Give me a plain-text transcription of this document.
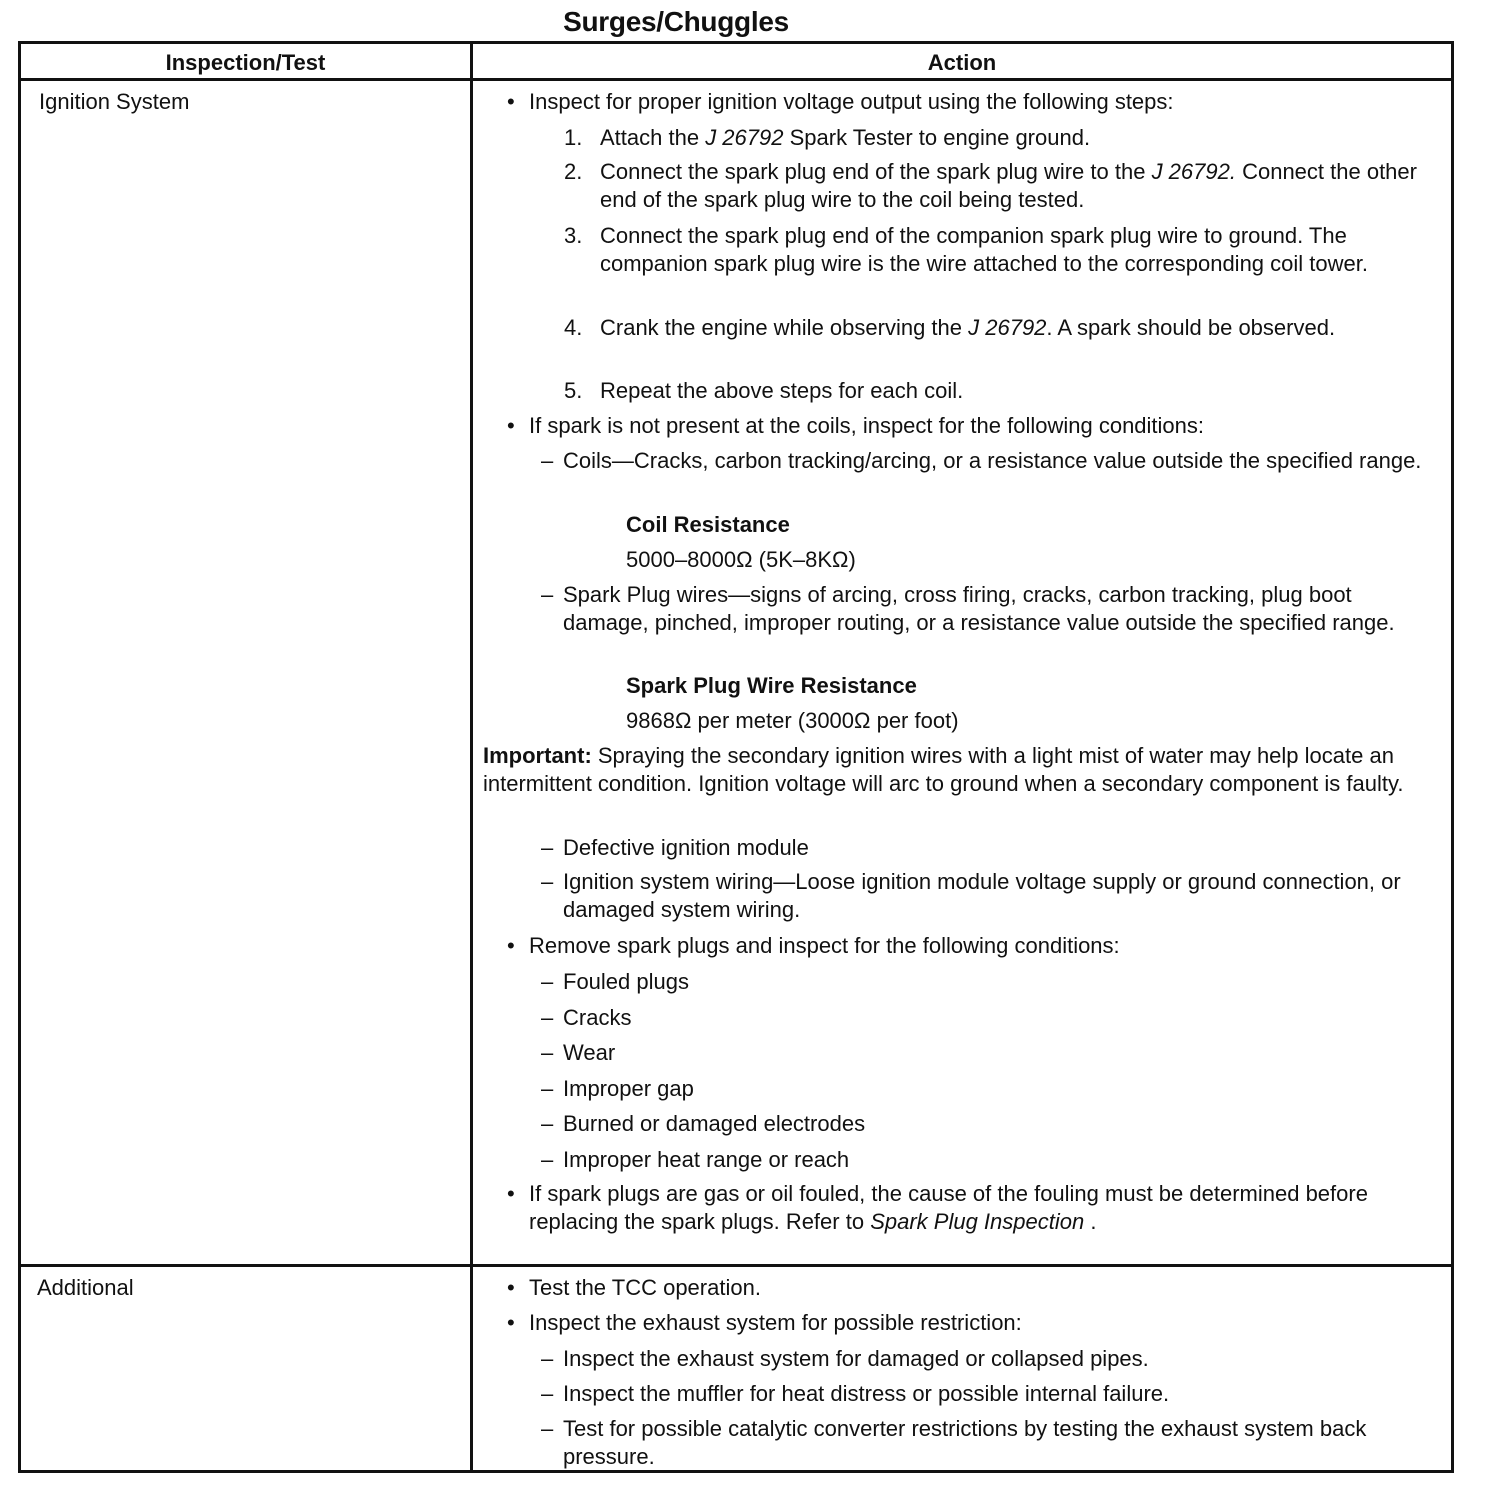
Surges/Chuggles
Inspection/Test	Action
Ignition System	• Inspect for proper ignition voltage output using the following steps:
1. Attach the J 26792 Spark Tester to engine ground.
2. Connect the spark plug end of the spark plug wire to the J 26792. Connect the other end of the spark plug wire to the coil being tested.
3. Connect the spark plug end of the companion spark plug wire to ground. The companion spark plug wire is the wire attached to the corresponding coil tower.
4. Crank the engine while observing the J 26792. A spark should be observed.
5. Repeat the above steps for each coil.
• If spark is not present at the coils, inspect for the following conditions:
– Coils—Cracks, carbon tracking/arcing, or a resistance value outside the specified range.
Coil Resistance
5000–8000Ω (5K–8KΩ)
– Spark Plug wires—signs of arcing, cross firing, cracks, carbon tracking, plug boot damage, pinched, improper routing, or a resistance value outside the specified range.
Spark Plug Wire Resistance
9868Ω per meter (3000Ω per foot)
Important: Spraying the secondary ignition wires with a light mist of water may help locate an intermittent condition. Ignition voltage will arc to ground when a secondary component is faulty.
– Defective ignition module
– Ignition system wiring—Loose ignition module voltage supply or ground connection, or damaged system wiring.
• Remove spark plugs and inspect for the following conditions:
– Fouled plugs
– Cracks
– Wear
– Improper gap
– Burned or damaged electrodes
– Improper heat range or reach
• If spark plugs are gas or oil fouled, the cause of the fouling must be determined before replacing the spark plugs. Refer to Spark Plug Inspection .
Additional	• Test the TCC operation.
• Inspect the exhaust system for possible restriction:
– Inspect the exhaust system for damaged or collapsed pipes.
– Inspect the muffler for heat distress or possible internal failure.
– Test for possible catalytic converter restrictions by testing the exhaust system back pressure.
